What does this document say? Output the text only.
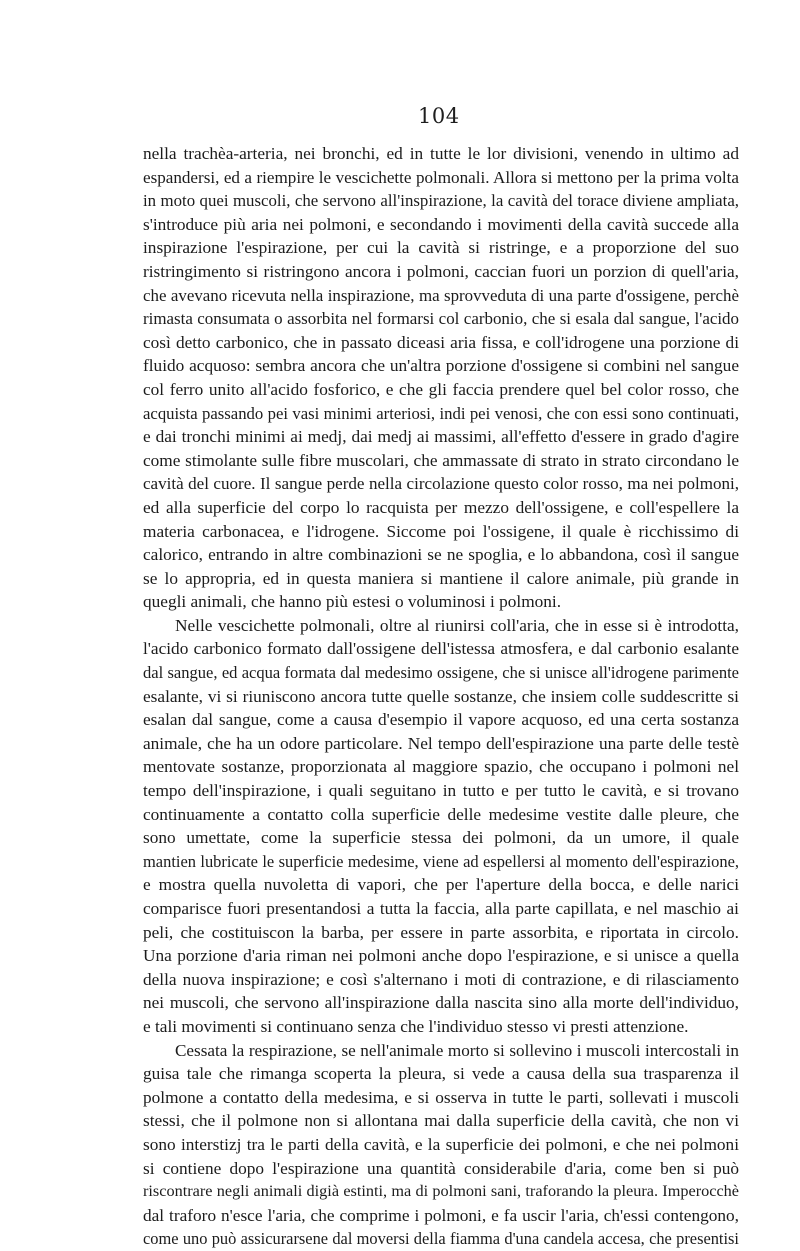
104
nella trachèa-arteria, nei bronchi, ed in tutte le lor divisioni, venendo in ultimo ad
espandersi, ed a riempire le vescichette polmonali. Allora si mettono per la prima volta
in moto quei muscoli, che servono all'inspirazione, la cavità del torace diviene ampliata,
s'introduce più aria nei polmoni, e secondando i movimenti della cavità succede alla
inspirazione l'espirazione, per cui la cavità si ristringe, e a proporzione del suo
ristringimento si ristringono ancora i polmoni, caccian fuori un porzion di quell'aria,
che avevano ricevuta nella inspirazione, ma sprovveduta di una parte d'ossigene, perchè
rimasta consumata o assorbita nel formarsi col carbonio, che si esala dal sangue, l'acido
così detto carbonico, che in passato diceasi aria fissa, e coll'idrogene una porzione di
fluido acquoso: sembra ancora che un'altra porzione d'ossigene si combini nel sangue
col ferro unito all'acido fosforico, e che gli faccia prendere quel bel color rosso, che
acquista passando pei vasi minimi arteriosi, indi pei venosi, che con essi sono continuati,
e dai tronchi minimi ai medj, dai medj ai massimi, all'effetto d'essere in grado d'agire
come stimolante sulle fibre muscolari, che ammassate di strato in strato circondano le
cavità del cuore. Il sangue perde nella circolazione questo color rosso, ma nei polmoni,
ed alla superficie del corpo lo racquista per mezzo dell'ossigene, e coll'espellere la
materia carbonacea, e l'idrogene. Siccome poi l'ossigene, il quale è ricchissimo di
calorico, entrando in altre combinazioni se ne spoglia, e lo abbandona, così il sangue
se lo appropria, ed in questa maniera si mantiene il calore animale, più grande in
quegli animali, che hanno più estesi o voluminosi i polmoni.
Nelle vescichette polmonali, oltre al riunirsi coll'aria, che in esse si è introdotta,
l'acido carbonico formato dall'ossigene dell'istessa atmosfera, e dal carbonio esalante
dal sangue, ed acqua formata dal medesimo ossigene, che si unisce all'idrogene parimente
esalante, vi si riuniscono ancora tutte quelle sostanze, che insiem colle suddescritte si
esalan dal sangue, come a causa d'esempio il vapore acquoso, ed una certa sostanza
animale, che ha un odore particolare. Nel tempo dell'espirazione una parte delle testè
mentovate sostanze, proporzionata al maggiore spazio, che occupano i polmoni nel
tempo dell'inspirazione, i quali seguitano in tutto e per tutto le cavità, e si trovano
continuamente a contatto colla superficie delle medesime vestite dalle pleure, che
sono umettate, come la superficie stessa dei polmoni, da un umore, il quale
mantien lubricate le superficie medesime, viene ad espellersi al momento dell'espirazione,
e mostra quella nuvoletta di vapori, che per l'aperture della bocca, e delle narici
comparisce fuori presentandosi a tutta la faccia, alla parte capillata, e nel maschio ai
peli, che costituiscon la barba, per essere in parte assorbita, e riportata in circolo.
Una porzione d'aria riman nei polmoni anche dopo l'espirazione, e si unisce a quella
della nuova inspirazione; e così s'alternano i moti di contrazione, e di rilasciamento
nei muscoli, che servono all'inspirazione dalla nascita sino alla morte dell'individuo,
e tali movimenti si continuano senza che l'individuo stesso vi presti attenzione.
Cessata la respirazione, se nell'animale morto si sollevino i muscoli intercostali in
guisa tale che rimanga scoperta la pleura, si vede a causa della sua trasparenza il
polmone a contatto della medesima, e si osserva in tutte le parti, sollevati i muscoli
stessi, che il polmone non si allontana mai dalla superficie della cavità, che non vi
sono interstizj tra le parti della cavità, e la superficie dei polmoni, e che nei polmoni
si contiene dopo l'espirazione una quantità considerabile d'aria, come ben si può
riscontrare negli animali digià estinti, ma di polmoni sani, traforando la pleura. Imperocchè
dal traforo n'esce l'aria, che comprime i polmoni, e fa uscir l'aria, ch'essi contengono,
come uno può assicurarsene dal moversi della fiamma d'una candela accesa, che presentisi
